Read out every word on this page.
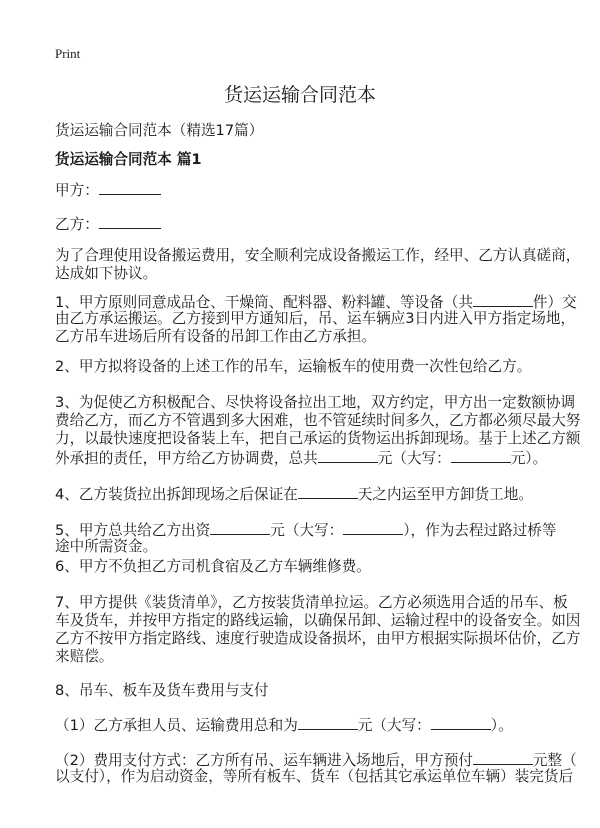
Print
货运运输合同范本
货运运输合同范本（精选17篇）
货运运输合同范本 篇1
甲方：
乙方：
为了合理使用设备搬运费用，安全顺利完成设备搬运工作，经甲、乙方认真磋商，
达成如下协议。
1、甲方原则同意成品仓、干燥筒、配料器、粉料罐、等设备（共	件）交
由乙方承运搬运。乙方接到甲方通知后，吊、运车辆应3日内进入甲方指定场地，
乙方吊车进场后所有设备的吊卸工作由乙方承担。
2、甲方拟将设备的上述工作的吊车，运输板车的使用费一次性包给乙方。
3、为促使乙方积极配合、尽快将设备拉出工地，双方约定，甲方出一定数额协调
费给乙方，而乙方不管遇到多大困难，也不管延续时间多久，乙方都必须尽最大努
力，以最快速度把设备装上车，把自己承运的货物运出拆卸现场。基于上述乙方额
外承担的责任，甲方给乙方协调费，总共	元（大写：	元）。
4、乙方装货拉出拆卸现场之后保证在	天之内运至甲方卸货工地。
5、甲方总共给乙方出资	元（大写：	），作为去程过路过桥等
途中所需资金。
6、甲方不负担乙方司机食宿及乙方车辆维修费。
7、甲方提供《装货清单》，乙方按装货清单拉运。乙方必须选用合适的吊车、板
车及货车，并按甲方指定的路线运输，以确保吊卸、运输过程中的设备安全。如因
乙方不按甲方指定路线、速度行驶造成设备损坏，由甲方根据实际损坏估价，乙方
来赔偿。
8、吊车、板车及货车费用与支付
（1）乙方承担人员、运输费用总和为	元（大写：	）。
（2）费用支付方式：乙方所有吊、运车辆进入场地后，甲方预付	元整（
以支付），作为启动资金，等所有板车、货车（包括其它承运单位车辆）装完货后
